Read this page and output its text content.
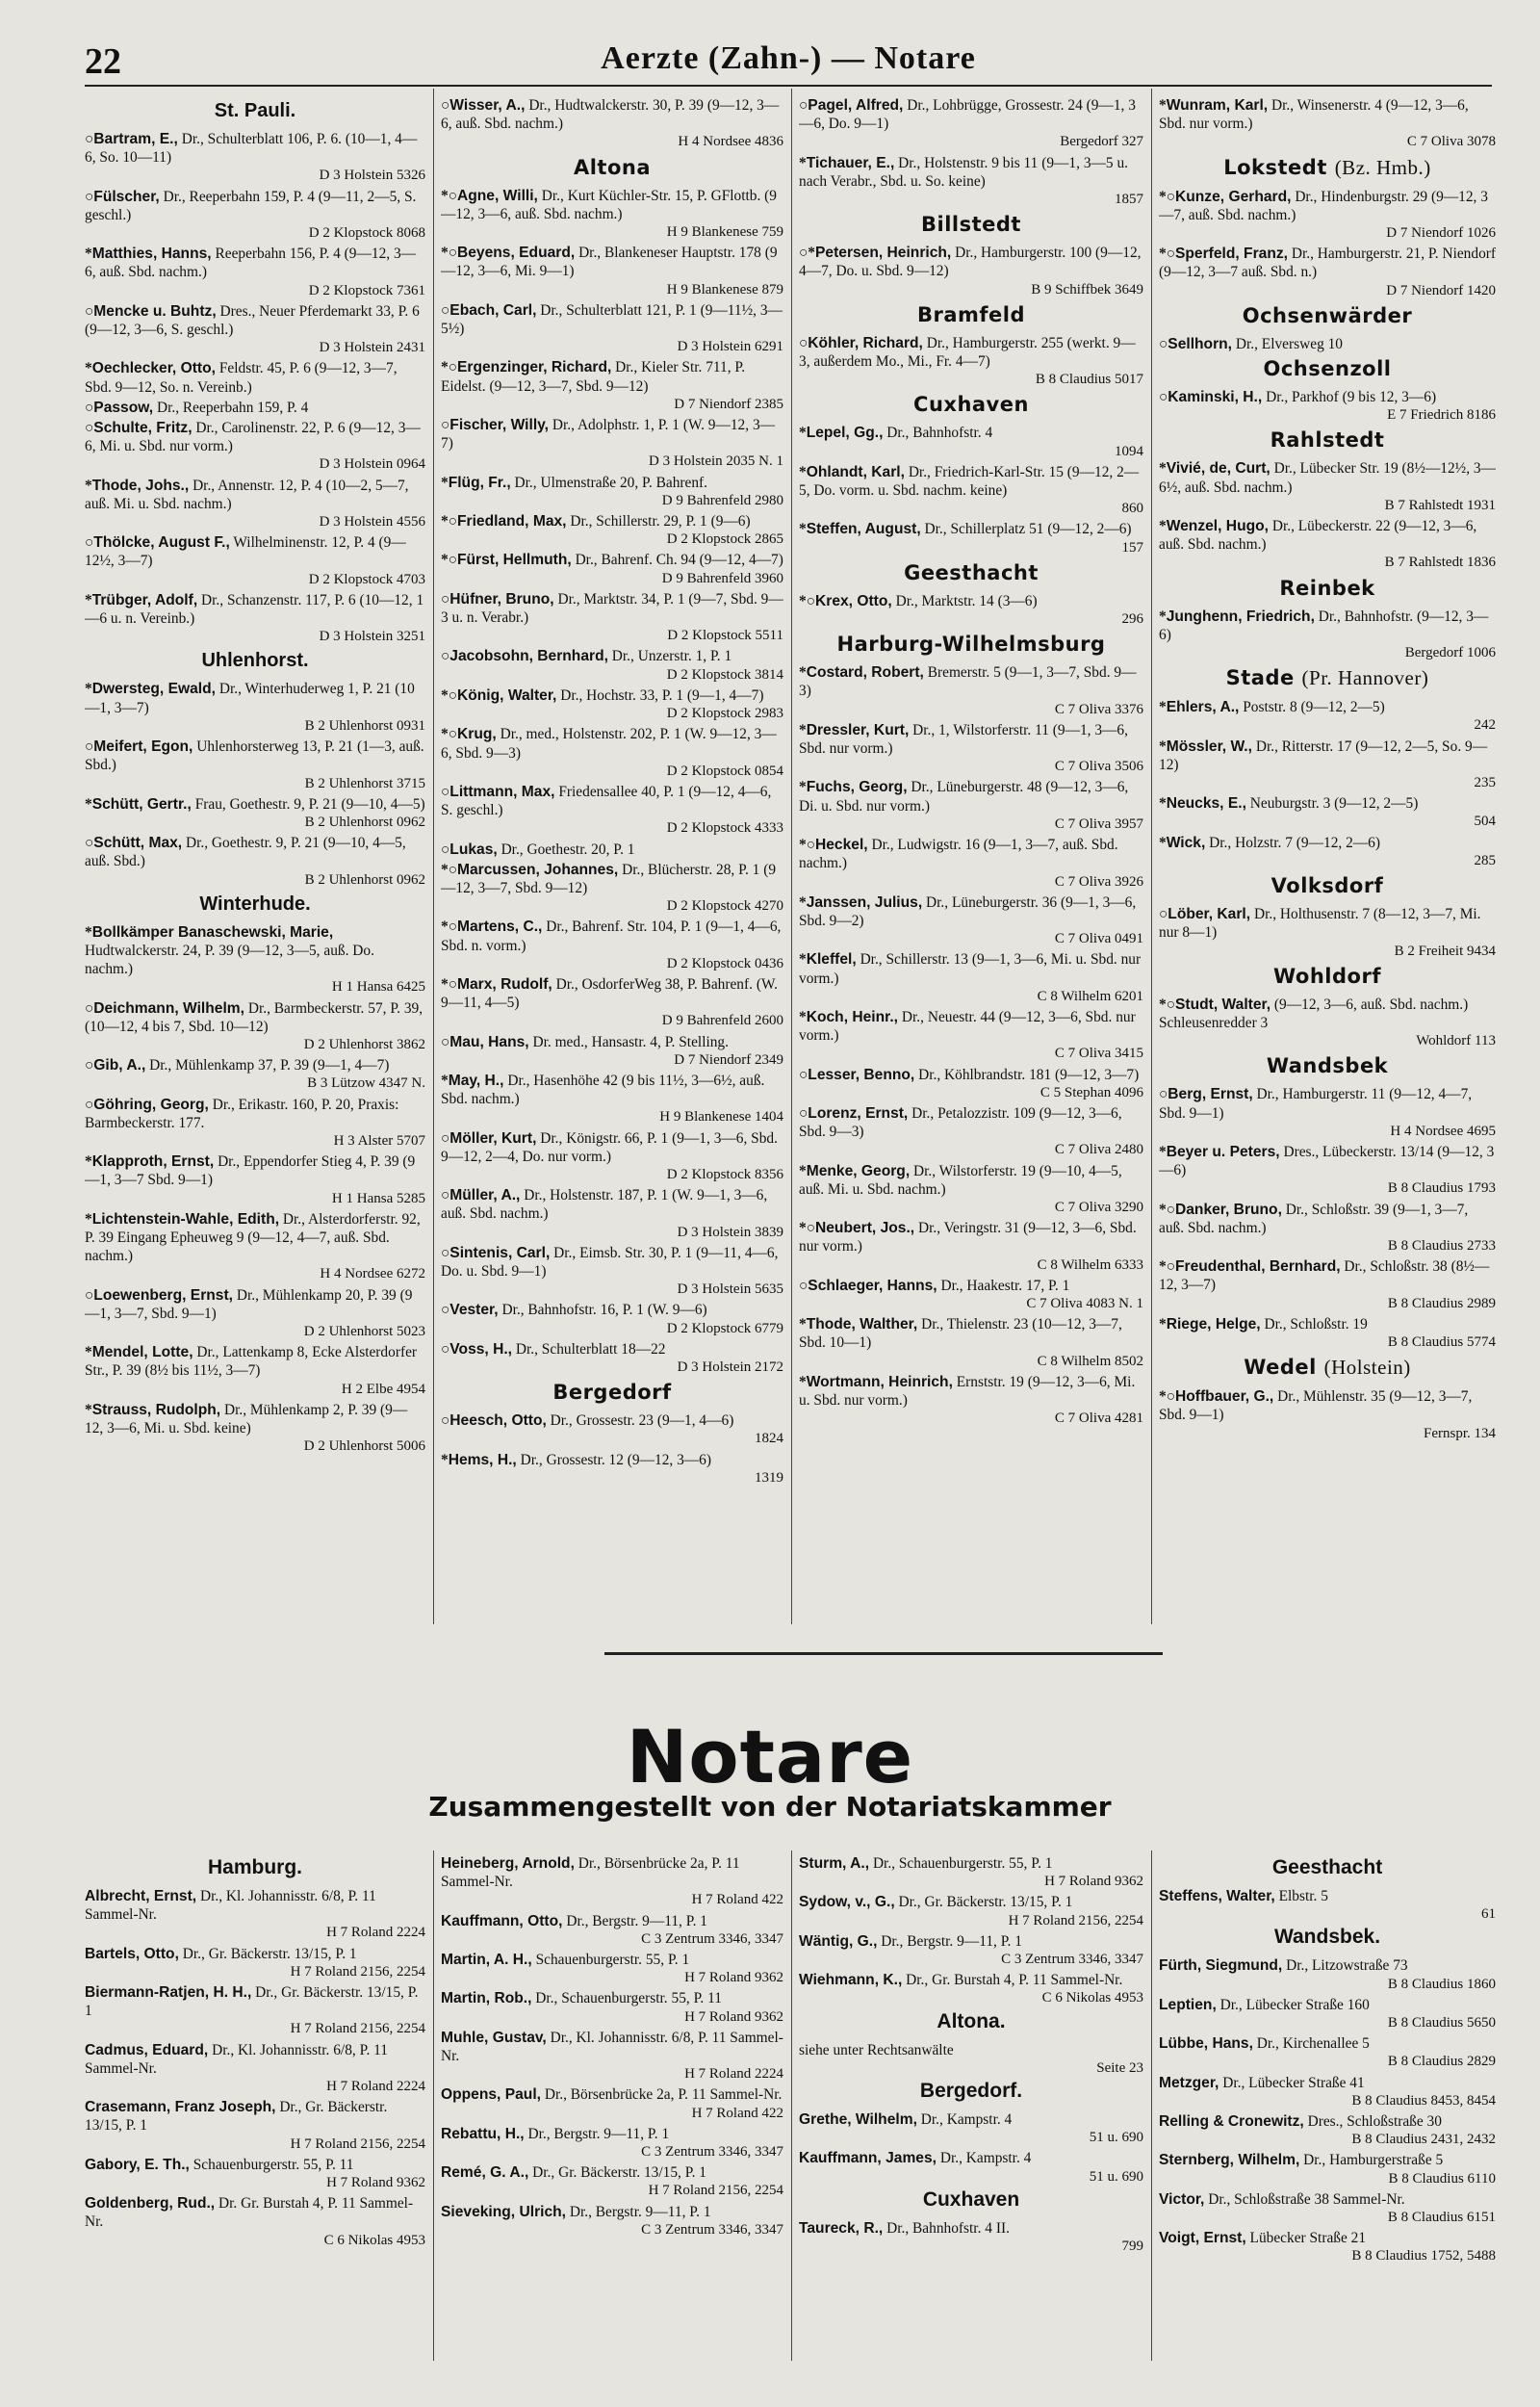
22	Aerzte (Zahn-) — Notare
St. Pauli.
○Bartram, E., Dr., Schulterblatt 106, P. 6. (10—1, 4—6, So. 10—11)
D 3 Holstein 5326
○Fülscher, Dr., Reeperbahn 159, P. 4 (9—11, 2—5, S. geschl.)
D 2 Klopstock 8068
*Matthies, Hanns, Reeperbahn 156, P. 4 (9—12, 3—6, auß. Sbd. nachm.)
D 2 Klopstock 7361
○Mencke u. Buhtz, Dres., Neuer Pferdemarkt 33, P. 6 (9—12, 3—6, S. geschl.)
D 3 Holstein 2431
*Oechlecker, Otto, Feldstr. 45, P. 6 (9—12, 3—7, Sbd. 9—12, So. n. Vereinb.)
○Passow, Dr., Reeperbahn 159, P. 4
○Schulte, Fritz, Dr., Carolinenstr. 22, P. 6 (9—12, 3—6, Mi. u. Sbd. nur vorm.)
D 3 Holstein 0964
*Thode, Johs., Dr., Annenstr. 12, P. 4 (10—2, 5—7, auß. Mi. u. Sbd. nachm.)
D 3 Holstein 4556
○Thölcke, August F., Wilhelminenstr. 12, P. 4 (9—12½, 3—7)
D 2 Klopstock 4703
*Trübger, Adolf, Dr., Schanzenstr. 117, P. 6 (10—12, 1—6 u. n. Vereinb.)
D 3 Holstein 3251
Uhlenhorst.
*Dwersteg, Ewald, Dr., Winterhuderweg 1, P. 21 (10—1, 3—7)
B 2 Uhlenhorst 0931
○Meifert, Egon, Uhlenhorsterweg 13, P. 21 (1—3, auß. Sbd.)
B 2 Uhlenhorst 3715
*Schütt, Gertr., Frau, Goethestr. 9, P. 21 (9—10, 4—5)
B 2 Uhlenhorst 0962
○Schütt, Max, Dr., Goethestr. 9, P. 21 (9—10, 4—5, auß. Sbd.)
B 2 Uhlenhorst 0962
Winterhude.
*Bollkämper Banaschewski, Marie, Hudtwalckerstr. 24, P. 39 (9—12, 3—5, auß. Do. nachm.)
H 1 Hansa 6425
○Deichmann, Wilhelm, Dr., Barmbeckerstr. 57, P. 39, (10—12, 4 bis 7, Sbd. 10—12)
D 2 Uhlenhorst 3862
○Gib, A., Dr., Mühlenkamp 37, P. 39 (9—1, 4—7)
B 3 Lützow 4347 N.
○Göhring, Georg, Dr., Erikastr. 160, P. 20, Praxis: Barmbeckerstr. 177.
H 3 Alster 5707
*Klapproth, Ernst, Dr., Eppendorfer Stieg 4, P. 39 (9—1, 3—7 Sbd. 9—1)
H 1 Hansa 5285
*Lichtenstein-Wahle, Edith, Dr., Alsterdorferstr. 92, P. 39 Eingang Epheuweg 9 (9—12, 4—7, auß. Sbd. nachm.)
H 4 Nordsee 6272
○Loewenberg, Ernst, Dr., Mühlenkamp 20, P. 39 (9—1, 3—7, Sbd. 9—1)
D 2 Uhlenhorst 5023
*Mendel, Lotte, Dr., Lattenkamp 8, Ecke Alsterdorfer Str., P. 39 (8½ bis 11½, 3—7)
H 2 Elbe 4954
*Strauss, Rudolph, Dr., Mühlenkamp 2, P. 39 (9—12, 3—6, Mi. u. Sbd. keine)
D 2 Uhlenhorst 5006
○Wisser, A., Dr., Hudtwalckerstr. 30, P. 39 (9—12, 3—6, auß. Sbd. nachm.)
H 4 Nordsee 4836
Altona
*○Agne, Willi, Dr., Kurt Küchler-Str. 15, P. GFlottb. (9—12, 3—6, auß. Sbd. nachm.)
H 9 Blankenese 759
*○Beyens, Eduard, Dr., Blankeneser Hauptstr. 178 (9—12, 3—6, Mi. 9—1)
H 9 Blankenese 879
○Ebach, Carl, Dr., Schulterblatt 121, P. 1 (9—11½, 3—5½)
D 3 Holstein 6291
*○Ergenzinger, Richard, Dr., Kieler Str. 711, P. Eidelst. (9—12, 3—7, Sbd. 9—12)
D 7 Niendorf 2385
○Fischer, Willy, Dr., Adolphstr. 1, P. 1 (W. 9—12, 3—7)
D 3 Holstein 2035 N. 1
*Flüg, Fr., Dr., Ulmenstraße 20, P. Bahrenf.
D 9 Bahrenfeld 2980
*○Friedland, Max, Dr., Schillerstr. 29, P. 1 (9—6)
D 2 Klopstock 2865
*○Fürst, Hellmuth, Dr., Bahrenf. Ch. 94 (9—12, 4—7)
D 9 Bahrenfeld 3960
○Hüfner, Bruno, Dr., Marktstr. 34, P. 1 (9—7, Sbd. 9—3 u. n. Verabr.)
D 2 Klopstock 5511
○Jacobsohn, Bernhard, Dr., Unzerstr. 1, P. 1
D 2 Klopstock 3814
*○König, Walter, Dr., Hochstr. 33, P. 1 (9—1, 4—7)
D 2 Klopstock 2983
*○Krug, Dr., med., Holstenstr. 202, P. 1 (W. 9—12, 3—6, Sbd. 9—3)
D 2 Klopstock 0854
○Littmann, Max, Friedensallee 40, P. 1 (9—12, 4—6, S. geschl.)
D 2 Klopstock 4333
○Lukas, Dr., Goethestr. 20, P. 1
*○Marcussen, Johannes, Dr., Blücherstr. 28, P. 1 (9—12, 3—7, Sbd. 9—12)
D 2 Klopstock 4270
*○Martens, C., Dr., Bahrenf. Str. 104, P. 1 (9—1, 4—6, Sbd. n. vorm.)
D 2 Klopstock 0436
*○Marx, Rudolf, Dr., OsdorferWeg 38, P. Bahrenf. (W. 9—11, 4—5)
D 9 Bahrenfeld 2600
○Mau, Hans, Dr. med., Hansastr. 4, P. Stelling.
D 7 Niendorf 2349
*May, H., Dr., Hasenhöhe 42 (9 bis 11½, 3—6½, auß. Sbd. nachm.)
H 9 Blankenese 1404
○Möller, Kurt, Dr., Königstr. 66, P. 1 (9—1, 3—6, Sbd. 9—12, 2—4, Do. nur vorm.)
D 2 Klopstock 8356
○Müller, A., Dr., Holstenstr. 187, P. 1 (W. 9—1, 3—6, auß. Sbd. nachm.)
D 3 Holstein 3839
○Sintenis, Carl, Dr., Eimsb. Str. 30, P. 1 (9—11, 4—6, Do. u. Sbd. 9—1)
D 3 Holstein 5635
○Vester, Dr., Bahnhofstr. 16, P. 1 (W. 9—6)
D 2 Klopstock 6779
○Voss, H., Dr., Schulterblatt 18—22
D 3 Holstein 2172
Bergedorf
○Heesch, Otto, Dr., Grossestr. 23 (9—1, 4—6)
1824
*Hems, H., Dr., Grossestr. 12 (9—12, 3—6)
1319
○Pagel, Alfred, Dr., Lohbrügge, Grossestr. 24 (9—1, 3—6, Do. 9—1)
Bergedorf 327
*Tichauer, E., Dr., Holstenstr. 9 bis 11 (9—1, 3—5 u. nach Verabr., Sbd. u. So. keine)
1857
Billstedt
○*Petersen, Heinrich, Dr., Hamburgerstr. 100 (9—12, 4—7, Do. u. Sbd. 9—12)
B 9 Schiffbek 3649
Bramfeld
○Köhler, Richard, Dr., Hamburgerstr. 255 (werkt. 9—3, außerdem Mo., Mi., Fr. 4—7)
B 8 Claudius 5017
Cuxhaven
*Lepel, Gg., Dr., Bahnhofstr. 4
1094
*Ohlandt, Karl, Dr., Friedrich-Karl-Str. 15 (9—12, 2—5, Do. vorm. u. Sbd. nachm. keine)
860
*Steffen, August, Dr., Schillerplatz 51 (9—12, 2—6)
157
Geesthacht
*○Krex, Otto, Dr., Marktstr. 14 (3—6)
296
Harburg-Wilhelmsburg
*Costard, Robert, Bremerstr. 5 (9—1, 3—7, Sbd. 9—3)
C 7 Oliva 3376
*Dressler, Kurt, Dr., 1, Wilstorferstr. 11 (9—1, 3—6, Sbd. nur vorm.)
C 7 Oliva 3506
*Fuchs, Georg, Dr., Lüneburgerstr. 48 (9—12, 3—6, Di. u. Sbd. nur vorm.)
C 7 Oliva 3957
*○Heckel, Dr., Ludwigstr. 16 (9—1, 3—7, auß. Sbd. nachm.)
C 7 Oliva 3926
*Janssen, Julius, Dr., Lüneburgerstr. 36 (9—1, 3—6, Sbd. 9—2)
C 7 Oliva 0491
*Kleffel, Dr., Schillerstr. 13 (9—1, 3—6, Mi. u. Sbd. nur vorm.)
C 8 Wilhelm 6201
*Koch, Heinr., Dr., Neuestr. 44 (9—12, 3—6, Sbd. nur vorm.)
C 7 Oliva 3415
○Lesser, Benno, Dr., Köhlbrandstr. 181 (9—12, 3—7)
C 5 Stephan 4096
○Lorenz, Ernst, Dr., Petalozzistr. 109 (9—12, 3—6, Sbd. 9—3)
C 7 Oliva 2480
*Menke, Georg, Dr., Wilstorferstr. 19 (9—10, 4—5, auß. Mi. u. Sbd. nachm.)
C 7 Oliva 3290
*○Neubert, Jos., Dr., Veringstr. 31 (9—12, 3—6, Sbd. nur vorm.)
C 8 Wilhelm 6333
○Schlaeger, Hanns, Dr., Haakestr. 17, P. 1
C 7 Oliva 4083 N. 1
*Thode, Walther, Dr., Thielenstr. 23 (10—12, 3—7, Sbd. 10—1)
C 8 Wilhelm 8502
*Wortmann, Heinrich, Ernststr. 19 (9—12, 3—6, Mi. u. Sbd. nur vorm.)
C 7 Oliva 4281
*Wunram, Karl, Dr., Winsenerstr. 4 (9—12, 3—6, Sbd. nur vorm.)
C 7 Oliva 3078
Lokstedt (Bz. Hmb.)
*○Kunze, Gerhard, Dr., Hindenburgstr. 29 (9—12, 3—7, auß. Sbd. nachm.)
D 7 Niendorf 1026
*○Sperfeld, Franz, Dr., Hamburgerstr. 21, P. Niendorf (9—12, 3—7 auß. Sbd. n.)
D 7 Niendorf 1420
Ochsenwärder
○Sellhorn, Dr., Elversweg 10
Ochsenzoll
○Kaminski, H., Dr., Parkhof (9 bis 12, 3—6)
E 7 Friedrich 8186
Rahlstedt
*Vivié, de, Curt, Dr., Lübecker Str. 19 (8½—12½, 3—6½, auß. Sbd. nachm.)
B 7 Rahlstedt 1931
*Wenzel, Hugo, Dr., Lübeckerstr. 22 (9—12, 3—6, auß. Sbd. nachm.)
B 7 Rahlstedt 1836
Reinbek
*Junghenn, Friedrich, Dr., Bahnhofstr. (9—12, 3—6)
Bergedorf 1006
Stade (Pr. Hannover)
*Ehlers, A., Poststr. 8 (9—12, 2—5)
242
*Mössler, W., Dr., Ritterstr. 17 (9—12, 2—5, So. 9—12)
235
*Neucks, E., Neuburgstr. 3 (9—12, 2—5)
504
*Wick, Dr., Holzstr. 7 (9—12, 2—6)
285
Volksdorf
○Löber, Karl, Dr., Holthusenstr. 7 (8—12, 3—7, Mi. nur 8—1)
B 2 Freiheit 9434
Wohldorf
*○Studt, Walter, (9—12, 3—6, auß. Sbd. nachm.) Schleusenredder 3
Wohldorf 113
Wandsbek
○Berg, Ernst, Dr., Hamburgerstr. 11 (9—12, 4—7, Sbd. 9—1)
H 4 Nordsee 4695
*Beyer u. Peters, Dres., Lübeckerstr. 13/14 (9—12, 3—6)
B 8 Claudius 1793
*○Danker, Bruno, Dr., Schloßstr. 39 (9—1, 3—7, auß. Sbd. nachm.)
B 8 Claudius 2733
*○Freudenthal, Bernhard, Dr., Schloßstr. 38 (8½—12, 3—7)
B 8 Claudius 2989
*Riege, Helge, Dr., Schloßstr. 19
B 8 Claudius 5774
Wedel (Holstein)
*○Hoffbauer, G., Dr., Mühlenstr. 35 (9—12, 3—7, Sbd. 9—1)
Fernspr. 134
Notare
Zusammengestellt von der Notariatskammer
Hamburg.
Albrecht, Ernst, Dr., Kl. Johannisstr. 6/8, P. 11 Sammel-Nr.
H 7 Roland 2224
Bartels, Otto, Dr., Gr. Bäckerstr. 13/15, P. 1
H 7 Roland 2156, 2254
Biermann-Ratjen, H. H., Dr., Gr. Bäckerstr. 13/15, P. 1
H 7 Roland 2156, 2254
Cadmus, Eduard, Dr., Kl. Johannisstr. 6/8, P. 11 Sammel-Nr.
H 7 Roland 2224
Crasemann, Franz Joseph, Dr., Gr. Bäckerstr. 13/15, P. 1
H 7 Roland 2156, 2254
Gabory, E. Th., Schauenburgerstr. 55, P. 11
H 7 Roland 9362
Goldenberg, Rud., Dr. Gr. Burstah 4, P. 11 Sammel-Nr.
C 6 Nikolas 4953
Heineberg, Arnold, Dr., Börsenbrücke 2a, P. 11 Sammel-Nr.
H 7 Roland 422
Kauffmann, Otto, Dr., Bergstr. 9—11, P. 1
C 3 Zentrum 3346, 3347
Martin, A. H., Schauenburgerstr. 55, P. 1
H 7 Roland 9362
Martin, Rob., Dr., Schauenburgerstr. 55, P. 11
H 7 Roland 9362
Muhle, Gustav, Dr., Kl. Johannisstr. 6/8, P. 11 Sammel-Nr.
H 7 Roland 2224
Oppens, Paul, Dr., Börsenbrücke 2a, P. 11 Sammel-Nr.
H 7 Roland 422
Rebattu, H., Dr., Bergstr. 9—11, P. 1
C 3 Zentrum 3346, 3347
Remé, G. A., Dr., Gr. Bäckerstr. 13/15, P. 1
H 7 Roland 2156, 2254
Sieveking, Ulrich, Dr., Bergstr. 9—11, P. 1
C 3 Zentrum 3346, 3347
Sturm, A., Dr., Schauenburgerstr. 55, P. 1
H 7 Roland 9362
Sydow, v., G., Dr., Gr. Bäckerstr. 13/15, P. 1
H 7 Roland 2156, 2254
Wäntig, G., Dr., Bergstr. 9—11, P. 1
C 3 Zentrum 3346, 3347
Wiehmann, K., Dr., Gr. Burstah 4, P. 11 Sammel-Nr.
C 6 Nikolas 4953
Altona.
siehe unter Rechtsanwälte
Seite 23
Bergedorf.
Grethe, Wilhelm, Dr., Kampstr. 4
51 u. 690
Kauffmann, James, Dr., Kampstr. 4
51 u. 690
Cuxhaven
Taureck, R., Dr., Bahnhofstr. 4 II.
799
Geesthacht
Steffens, Walter, Elbstr. 5
61
Wandsbek.
Fürth, Siegmund, Dr., Litzowstraße 73
B 8 Claudius 1860
Leptien, Dr., Lübecker Straße 160
B 8 Claudius 5650
Lübbe, Hans, Dr., Kirchenallee 5
B 8 Claudius 2829
Metzger, Dr., Lübecker Straße 41
B 8 Claudius 8453, 8454
Relling & Cronewitz, Dres., Schloßstraße 30
B 8 Claudius 2431, 2432
Sternberg, Wilhelm, Dr., Hamburgerstraße 5
B 8 Claudius 6110
Victor, Dr., Schloßstraße 38 Sammel-Nr.
B 8 Claudius 6151
Voigt, Ernst, Lübecker Straße 21
B 8 Claudius 1752, 5488
